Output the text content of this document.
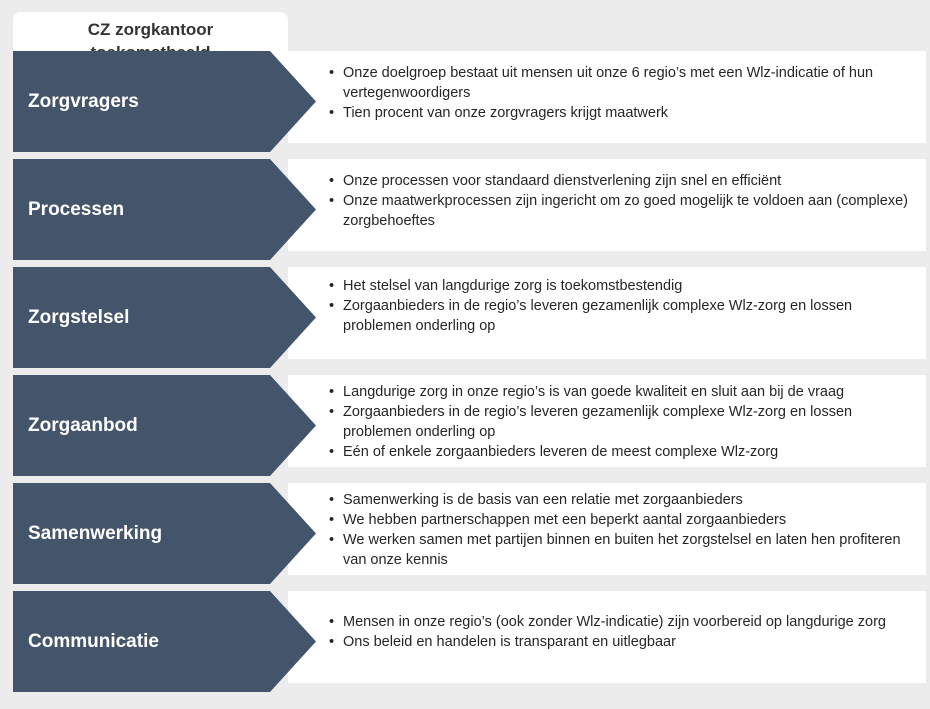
CZ zorgkantoor
Zorgvragers
• Onze doelgroep bestaat uit mensen uit onze 6 regio’s met een Wlz-indicatie of hun vertegenwoordigers
• Tien procent van onze zorgvragers krijgt maatwerk
Processen
• Onze processen voor standaard dienstverlening zijn snel en efficiënt
• Onze maatwerkprocessen zijn ingericht om zo goed mogelijk te voldoen aan (complexe) zorgbehoeftes
Zorgstelsel
• Het stelsel van langdurige zorg is toekomstbestendig
• Zorgaanbieders in de regio’s leveren gezamenlijk complexe Wlz-zorg en lossen problemen onderling op
Zorgaanbod
• Langdurige zorg in onze regio’s is van goede kwaliteit en sluit aan bij de vraag
• Zorgaanbieders in de regio’s leveren gezamenlijk complexe Wlz-zorg en lossen problemen onderling op
• Eén of enkele zorgaanbieders leveren de meest complexe Wlz-zorg
Samenwerking
• Samenwerking is de basis van een relatie met zorgaanbieders
• We hebben partnerschappen met een beperkt aantal zorgaanbieders
• We werken samen met partijen binnen en buiten het zorgstelsel en laten hen profiteren van onze kennis
Communicatie
• Mensen in onze regio’s (ook zonder Wlz-indicatie) zijn voorbereid op langdurige zorg
• Ons beleid en handelen is transparant en uitlegbaar
